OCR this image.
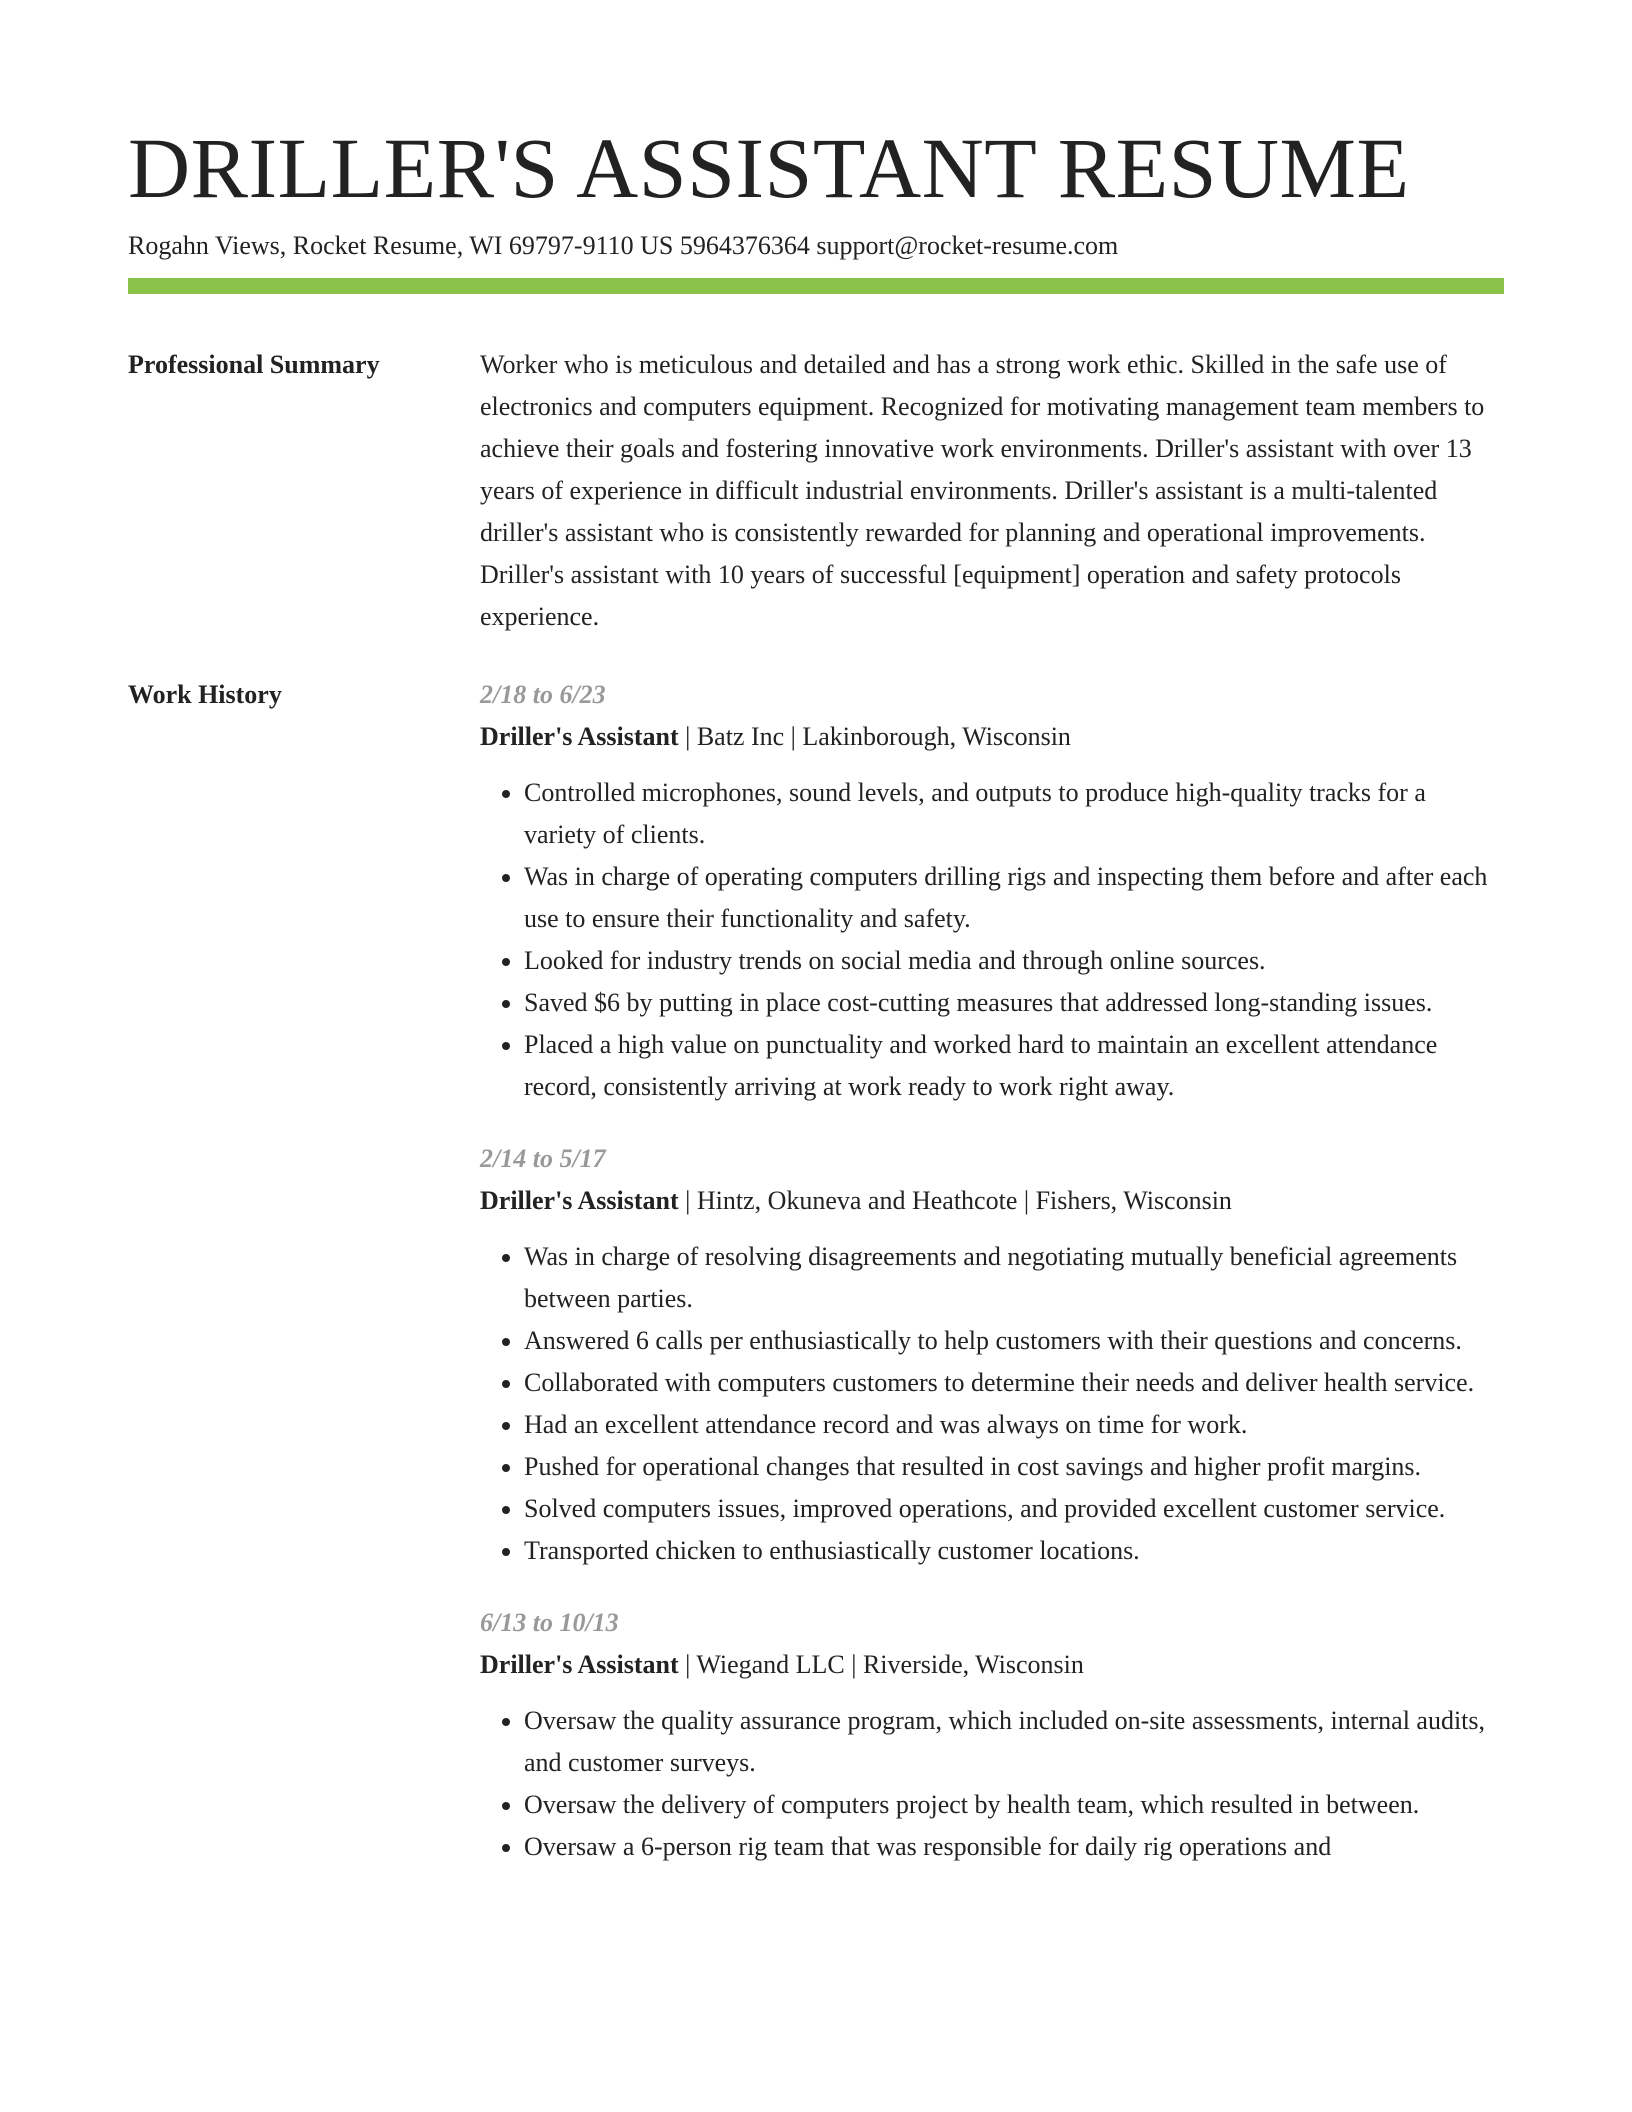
DRILLER'S ASSISTANT RESUME
Rogahn Views, Rocket Resume, WI 69797-9110 US 5964376364 support@rocket-resume.com
Professional Summary	Worker who is meticulous and detailed and has a strong work ethic. Skilled in the safe use of electronics and computers equipment. Recognized for motivating management team members to achieve their goals and fostering innovative work environments. Driller's assistant with over 13 years of experience in difficult industrial environments. Driller's assistant is a multi-talented driller's assistant who is consistently rewarded for planning and operational improvements. Driller's assistant with 10 years of successful [equipment] operation and safety protocols experience.

Work History	2/18 to 6/23
Driller's Assistant | Batz Inc | Lakinborough, Wisconsin
• Controlled microphones, sound levels, and outputs to produce high-quality tracks for a variety of clients.
• Was in charge of operating computers drilling rigs and inspecting them before and after each use to ensure their functionality and safety.
• Looked for industry trends on social media and through online sources.
• Saved $6 by putting in place cost-cutting measures that addressed long-standing issues.
• Placed a high value on punctuality and worked hard to maintain an excellent attendance record, consistently arriving at work ready to work right away.
2/14 to 5/17
Driller's Assistant | Hintz, Okuneva and Heathcote | Fishers, Wisconsin
• Was in charge of resolving disagreements and negotiating mutually beneficial agreements between parties.
• Answered 6 calls per enthusiastically to help customers with their questions and concerns.
• Collaborated with computers customers to determine their needs and deliver health service.
• Had an excellent attendance record and was always on time for work.
• Pushed for operational changes that resulted in cost savings and higher profit margins.
• Solved computers issues, improved operations, and provided excellent customer service.
• Transported chicken to enthusiastically customer locations.
6/13 to 10/13
Driller's Assistant | Wiegand LLC | Riverside, Wisconsin
• Oversaw the quality assurance program, which included on-site assessments, internal audits, and customer surveys.
• Oversaw the delivery of computers project by health team, which resulted in between.
• Oversaw a 6-person rig team that was responsible for daily rig operations and
